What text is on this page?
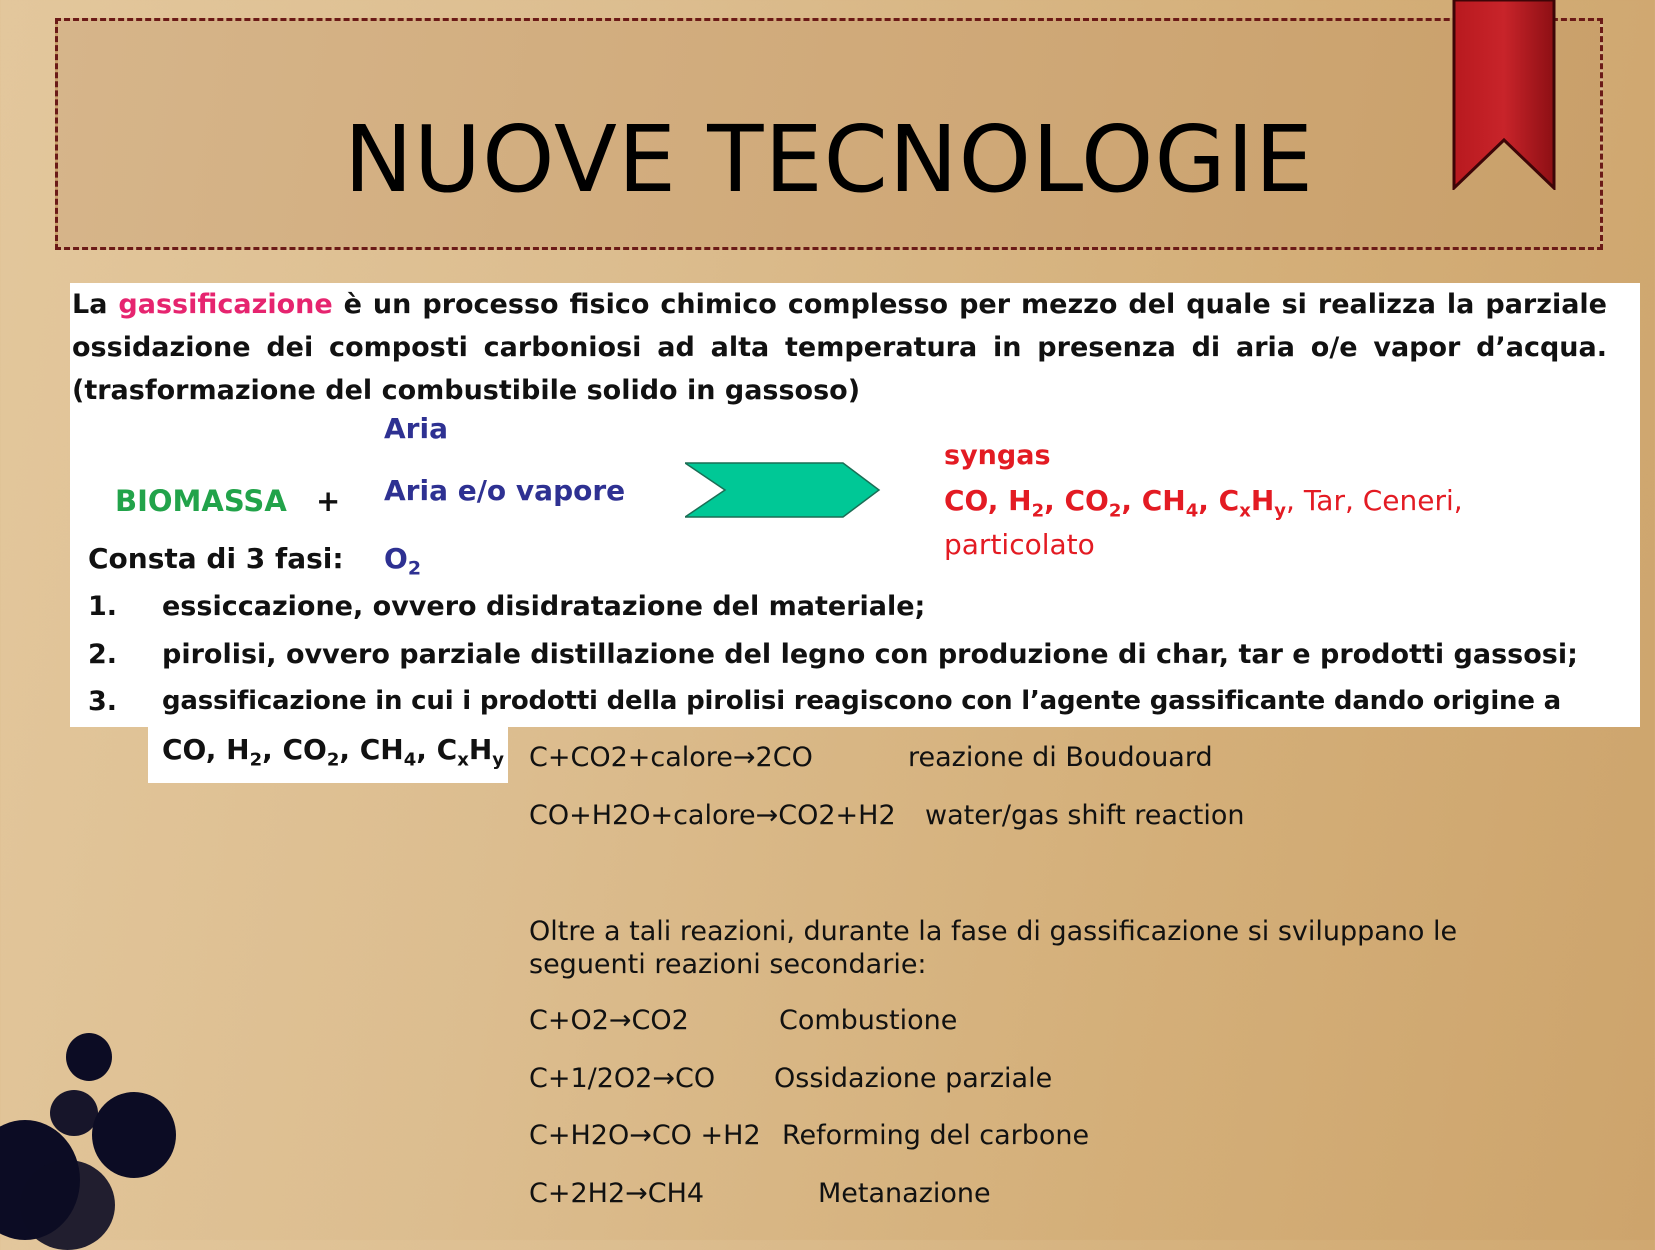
NUOVE TECNOLOGIE
La gassificazione è un processo fisico chimico complesso per mezzo del quale si realizza la parziale ossidazione dei composti carboniosi ad alta temperatura in presenza di aria o/e vapor d’acqua. (trasformazione del combustibile solido in gassoso)
Aria
BIOMASSA + Aria e/o vapore
$O_2$
syngas
CO, $H_2$, $CO_2$, $CH_4$, $C_xH_y$, Tar, Ceneri,
particolato
Consta di 3 fasi:
1. essiccazione, ovvero disidratazione del materiale;
2. pirolisi, ovvero parziale distillazione del legno con produzione di char, tar e prodotti gassosi;
3. gassificazione in cui i prodotti della pirolisi reagiscono con l’agente gassificante dando origine a
CO, $H_2$, $CO_2$, $CH_4$, $C_xH_y$ C+CO2+calore→2CO	reazione di Boudouard
CO+H2O+calore→CO2+H2 water/gas shift reaction
Oltre a tali reazioni, durante la fase di gassificazione si sviluppano le seguenti reazioni secondarie:
C+O2→CO2	Combustione
C+1/2O2→CO Ossidazione parziale
C+H2O→CO +H2 Reforming del carbone
C+2H2→CH4	Metanazione
